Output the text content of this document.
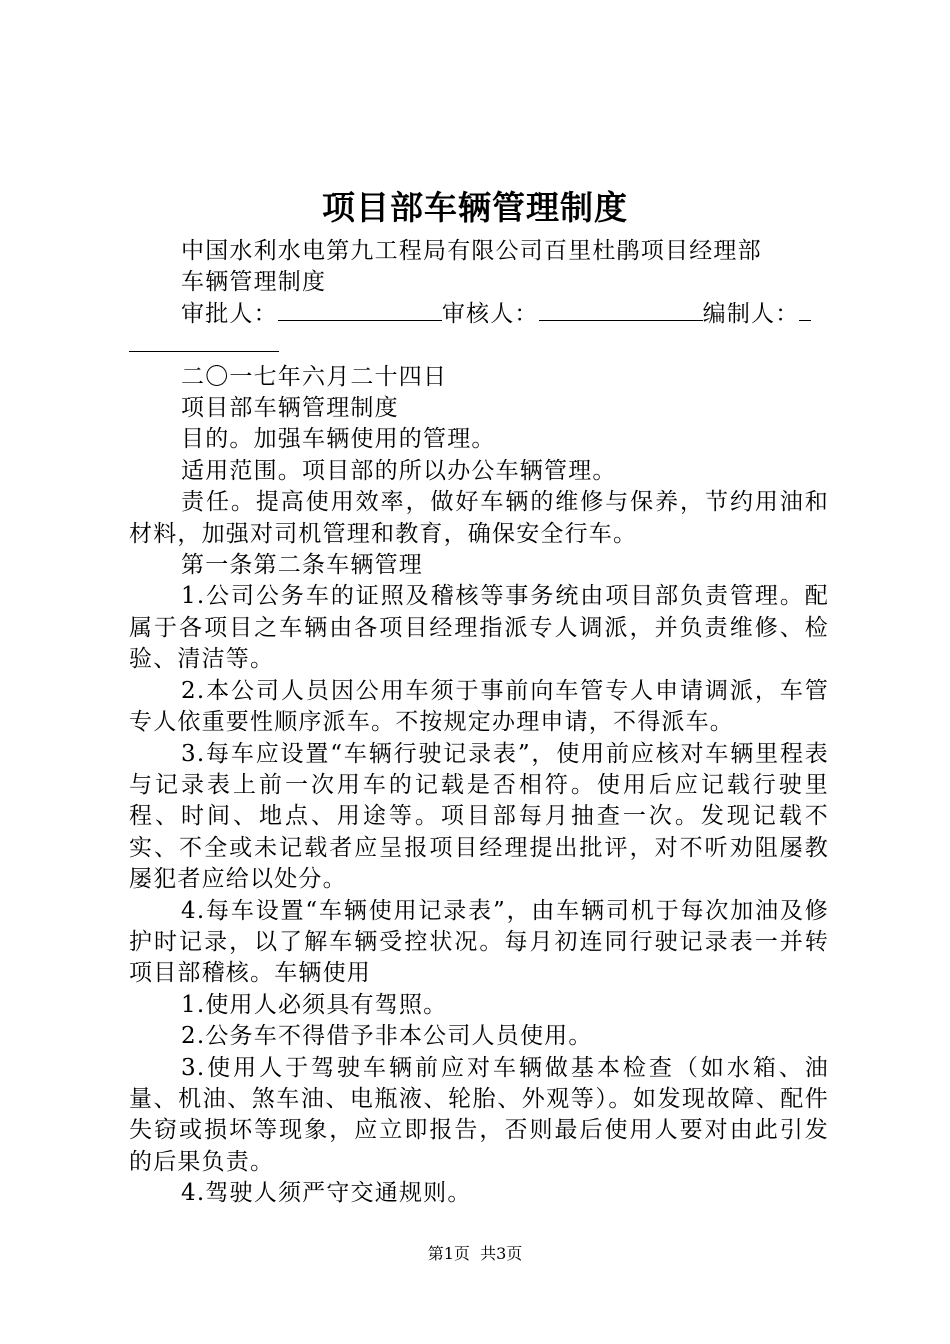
项目部车辆管理制度

中国水利水电第九工程局有限公司百里杜鹃项目经理部

车辆管理制度

审批人：	审核人：	编制人：

二〇一七年六月二十四日

项目部车辆管理制度

目的。加强车辆使用的管理。

适用范围。项目部的所以办公车辆管理。

责任。提高使用效率，做好车辆的维修与保养，节约用油和材料，加强对司机管理和教育，确保安全行车。

第一条第二条车辆管理

1.公司公务车的证照及稽核等事务统由项目部负责管理。配属于各项目之车辆由各项目经理指派专人调派，并负责维修、检验、清洁等。

2.本公司人员因公用车须于事前向车管专人申请调派，车管专人依重要性顺序派车。不按规定办理申请，不得派车。

3.每车应设置“车辆行驶记录表”，使用前应核对车辆里程表与记录表上前一次用车的记载是否相符。使用后应记载行驶里程、时间、地点、用途等。项目部每月抽查一次。发现记载不实、不全或未记载者应呈报项目经理提出批评，对不听劝阻屡教屡犯者应给以处分。

4.每车设置“车辆使用记录表”，由车辆司机于每次加油及修护时记录，以了解车辆受控状况。每月初连同行驶记录表一并转项目部稽核。车辆使用

1.使用人必须具有驾照。

2.公务车不得借予非本公司人员使用。

3.使用人于驾驶车辆前应对车辆做基本检查（如水箱、油量、机油、煞车油、电瓶液、轮胎、外观等）。如发现故障、配件失窃或损坏等现象，应立即报告，否则最后使用人要对由此引发的后果负责。

4.驾驶人须严守交通规则。

第1页 共3页
